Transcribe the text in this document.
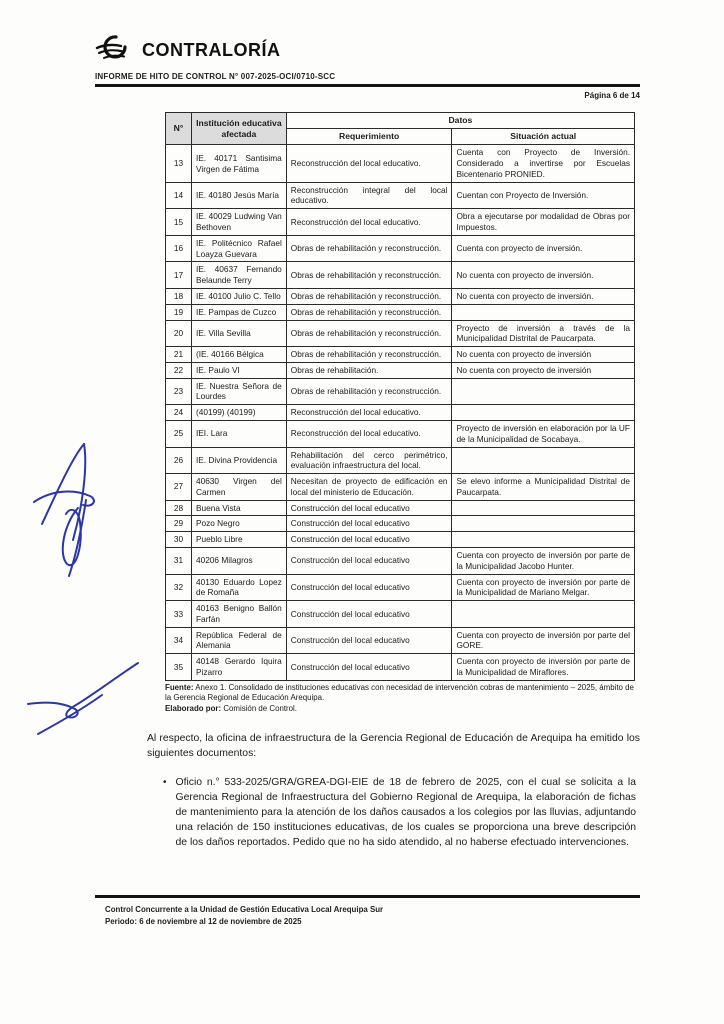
CONTRALORÍA
INFORME DE HITO DE CONTROL N° 007-2025-OCI/0710-SCC
Página 6 de 14
N°	Institución educativa afectada	Datos	
		Requerimiento	Situación actual
13	IE. 40171 Santisima Virgen de Fátima	Reconstrucción del local educativo.	Cuenta con Proyecto de Inversión. Considerado a invertirse por Escuelas Bicentenario PRONIED.
14	IE. 40180 Jesús María	Reconstrucción integral del local educativo.	Cuentan con Proyecto de Inversión.
15	IE. 40029 Ludwing Van Bethoven	Reconstrucción del local educativo.	Obra a ejecutarse por modalidad de Obras por Impuestos.
16	IE. Politécnico Rafael Loayza Guevara	Obras de rehabilitación y reconstrucción.	Cuenta con proyecto de inversión.
17	IE. 40637 Fernando Belaunde Terry	Obras de rehabilitación y reconstrucción.	No cuenta con proyecto de inversión.
18	IE. 40100 Julio C. Tello	Obras de rehabilitación y reconstrucción.	No cuenta con proyecto de inversión.
19	IE. Pampas de Cuzco	Obras de rehabilitación y reconstrucción.	
20	IE. Villa Sevilla	Obras de rehabilitación y reconstrucción.	Proyecto de inversión a través de la Municipalidad Distrital de Paucarpata.
21	(IE. 40166 Bélgica	Obras de rehabilitación y reconstrucción.	No cuenta con proyecto de inversión
22	IE. Paulo VI	Obras de rehabilitación.	No cuenta con proyecto de inversión
23	IE. Nuestra Señora de Lourdes	Obras de rehabilitación y reconstrucción.	
24	(40199) (40199)	Reconstrucción del local educativo.	
25	IEI. Lara	Reconstrucción del local educativo.	Proyecto de inversión en elaboración por la UF de la Municipalidad de Socabaya.
26	IE. Divina Providencia	Rehabilitación del cerco perimétrico, evaluación infraestructura del local.	
27	40630 Virgen del Carmen	Necesitan de proyecto de edificación en local del ministerio de Educación.	Se elevo informe a Municipalidad Distrital de Paucarpata.
28	Buena Vista	Construcción del local educativo	
29	Pozo Negro	Construcción del local educativo	
30	Pueblo Libre	Construcción del local educativo	
31	40206 Milagros	Construcción del local educativo	Cuenta con proyecto de inversión por parte de la Municipalidad Jacobo Hunter.
32	40130 Eduardo Lopez de Romaña	Construcción del local educativo	Cuenta con proyecto de inversión por parte de la Municipalidad de Mariano Melgar.
33	40163 Benigno Ballón Farfán	Construcción del local educativo	
34	República Federal de Alemania	Construcción del local educativo	Cuenta con proyecto de inversión por parte del GORE.
35	40148 Gerardo Iquira Pizarro	Construcción del local educativo	Cuenta con proyecto de inversión por parte de la Municipalidad de Miraflores.
Fuente: Anexo 1. Consolidado de instituciones educativas con necesidad de intervención cobras de mantenimiento – 2025, ámbito de la Gerencia Regional de Educación Arequipa.
Elaborado por: Comisión de Control.

Al respecto, la oficina de infraestructura de la Gerencia Regional de Educación de Arequipa ha emitido los siguientes documentos:

• Oficio n.° 533-2025/GRA/GREA-DGI-EIE de 18 de febrero de 2025, con el cual se solicita a la Gerencia Regional de Infraestructura del Gobierno Regional de Arequipa, la elaboración de fichas de mantenimiento para la atención de los daños causados a los colegios por las lluvias, adjuntando una relación de 150 instituciones educativas, de los cuales se proporciona una breve descripción de los daños reportados. Pedido que no ha sido atendido, al no haberse efectuado intervenciones.
Control Concurrente a la Unidad de Gestión Educativa Local Arequipa Sur
Periodo: 6 de noviembre al 12 de noviembre de 2025
